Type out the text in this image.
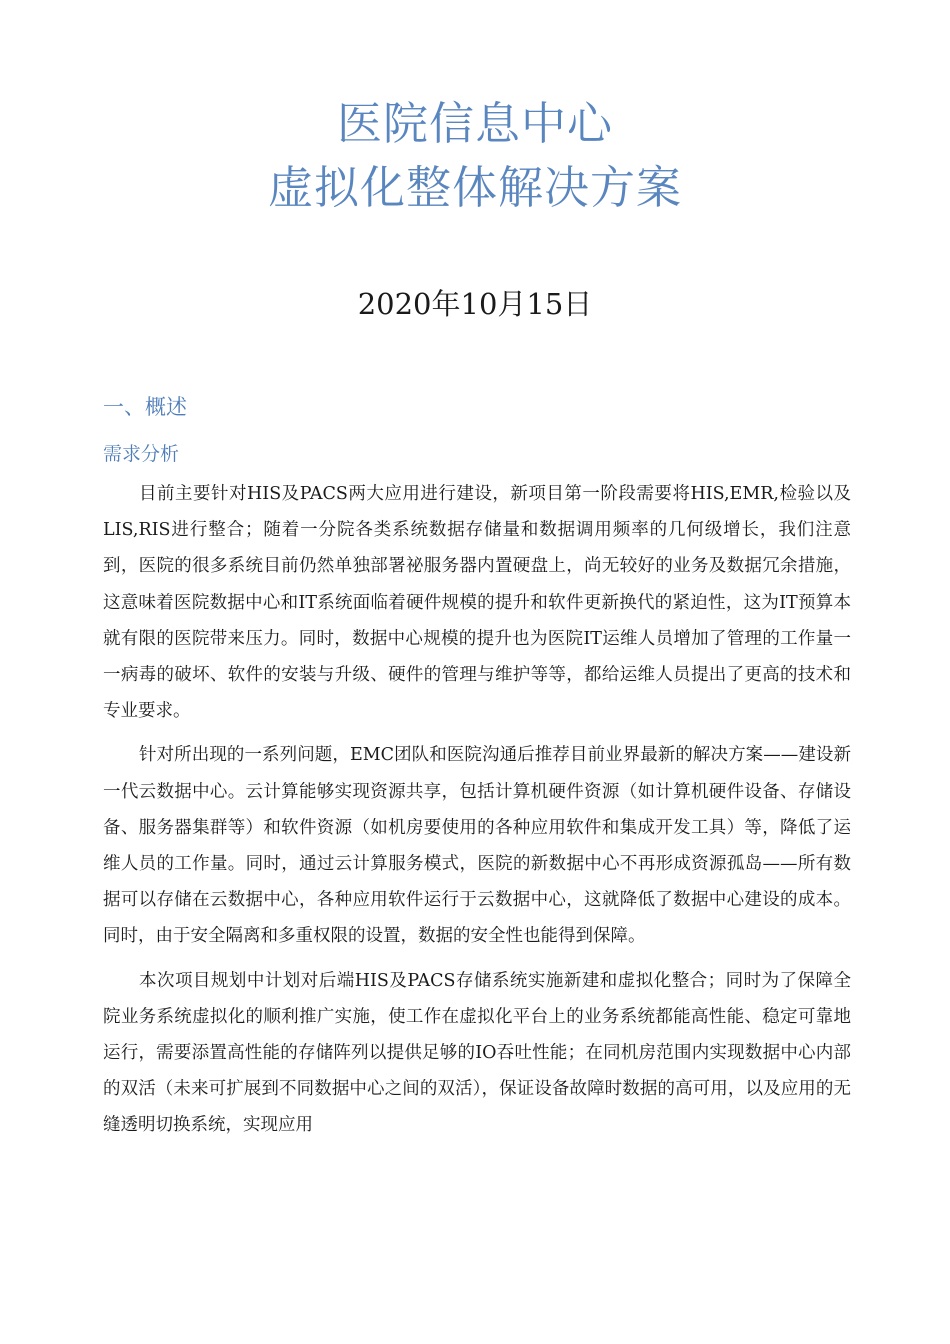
医院信息中心
虚拟化整体解决方案
2020年10月15日
一、概述
需求分析

目前主要针对HIS及PACS两大应用进行建设，新项目第一阶段需要将HIS,EMR,检验以及LIS,RIS进行整合；随着一分院各类系统数据存储量和数据调用频率的几何级增长，我们注意到，医院的很多系统目前仍然单独部署祕服务器内置硬盘上，尚无较好的业务及数据冗余措施，这意味着医院数据中心和IT系统面临着硬件规模的提升和软件更新换代的紧迫性，这为IT预算本就有限的医院带来压力。同时，数据中心规模的提升也为医院IT运维人员增加了管理的工作量一一病毒的破坏、软件的安装与升级、硬件的管理与维护等等，都给运维人员提出了更高的技术和专业要求。

针对所出现的一系列问题，EMC团队和医院沟通后推荐目前业界最新的解决方案——建设新一代云数据中心。云计算能够实现资源共享，包括计算机硬件资源（如计算机硬件设备、存储设备、服务器集群等）和软件资源（如机房要使用的各种应用软件和集成开发工具）等，降低了运维人员的工作量。同时，通过云计算服务模式，医院的新数据中心不再形成资源孤岛——所有数据可以存储在云数据中心，各种应用软件运行于云数据中心，这就降低了数据中心建设的成本。同时，由于安全隔离和多重权限的设置，数据的安全性也能得到保障。

本次项目规划中计划对后端HIS及PACS存储系统实施新建和虚拟化整合；同时为了保障全院业务系统虚拟化的顺利推广实施，使工作在虚拟化平台上的业务系统都能高性能、稳定可靠地运行，需要添置高性能的存储阵列以提供足够的IO吞吐性能；在同机房范围内实现数据中心内部的双活（未来可扩展到不同数据中心之间的双活），保证设备故障时数据的高可用，以及应用的无缝透明切换系统，实现应用
